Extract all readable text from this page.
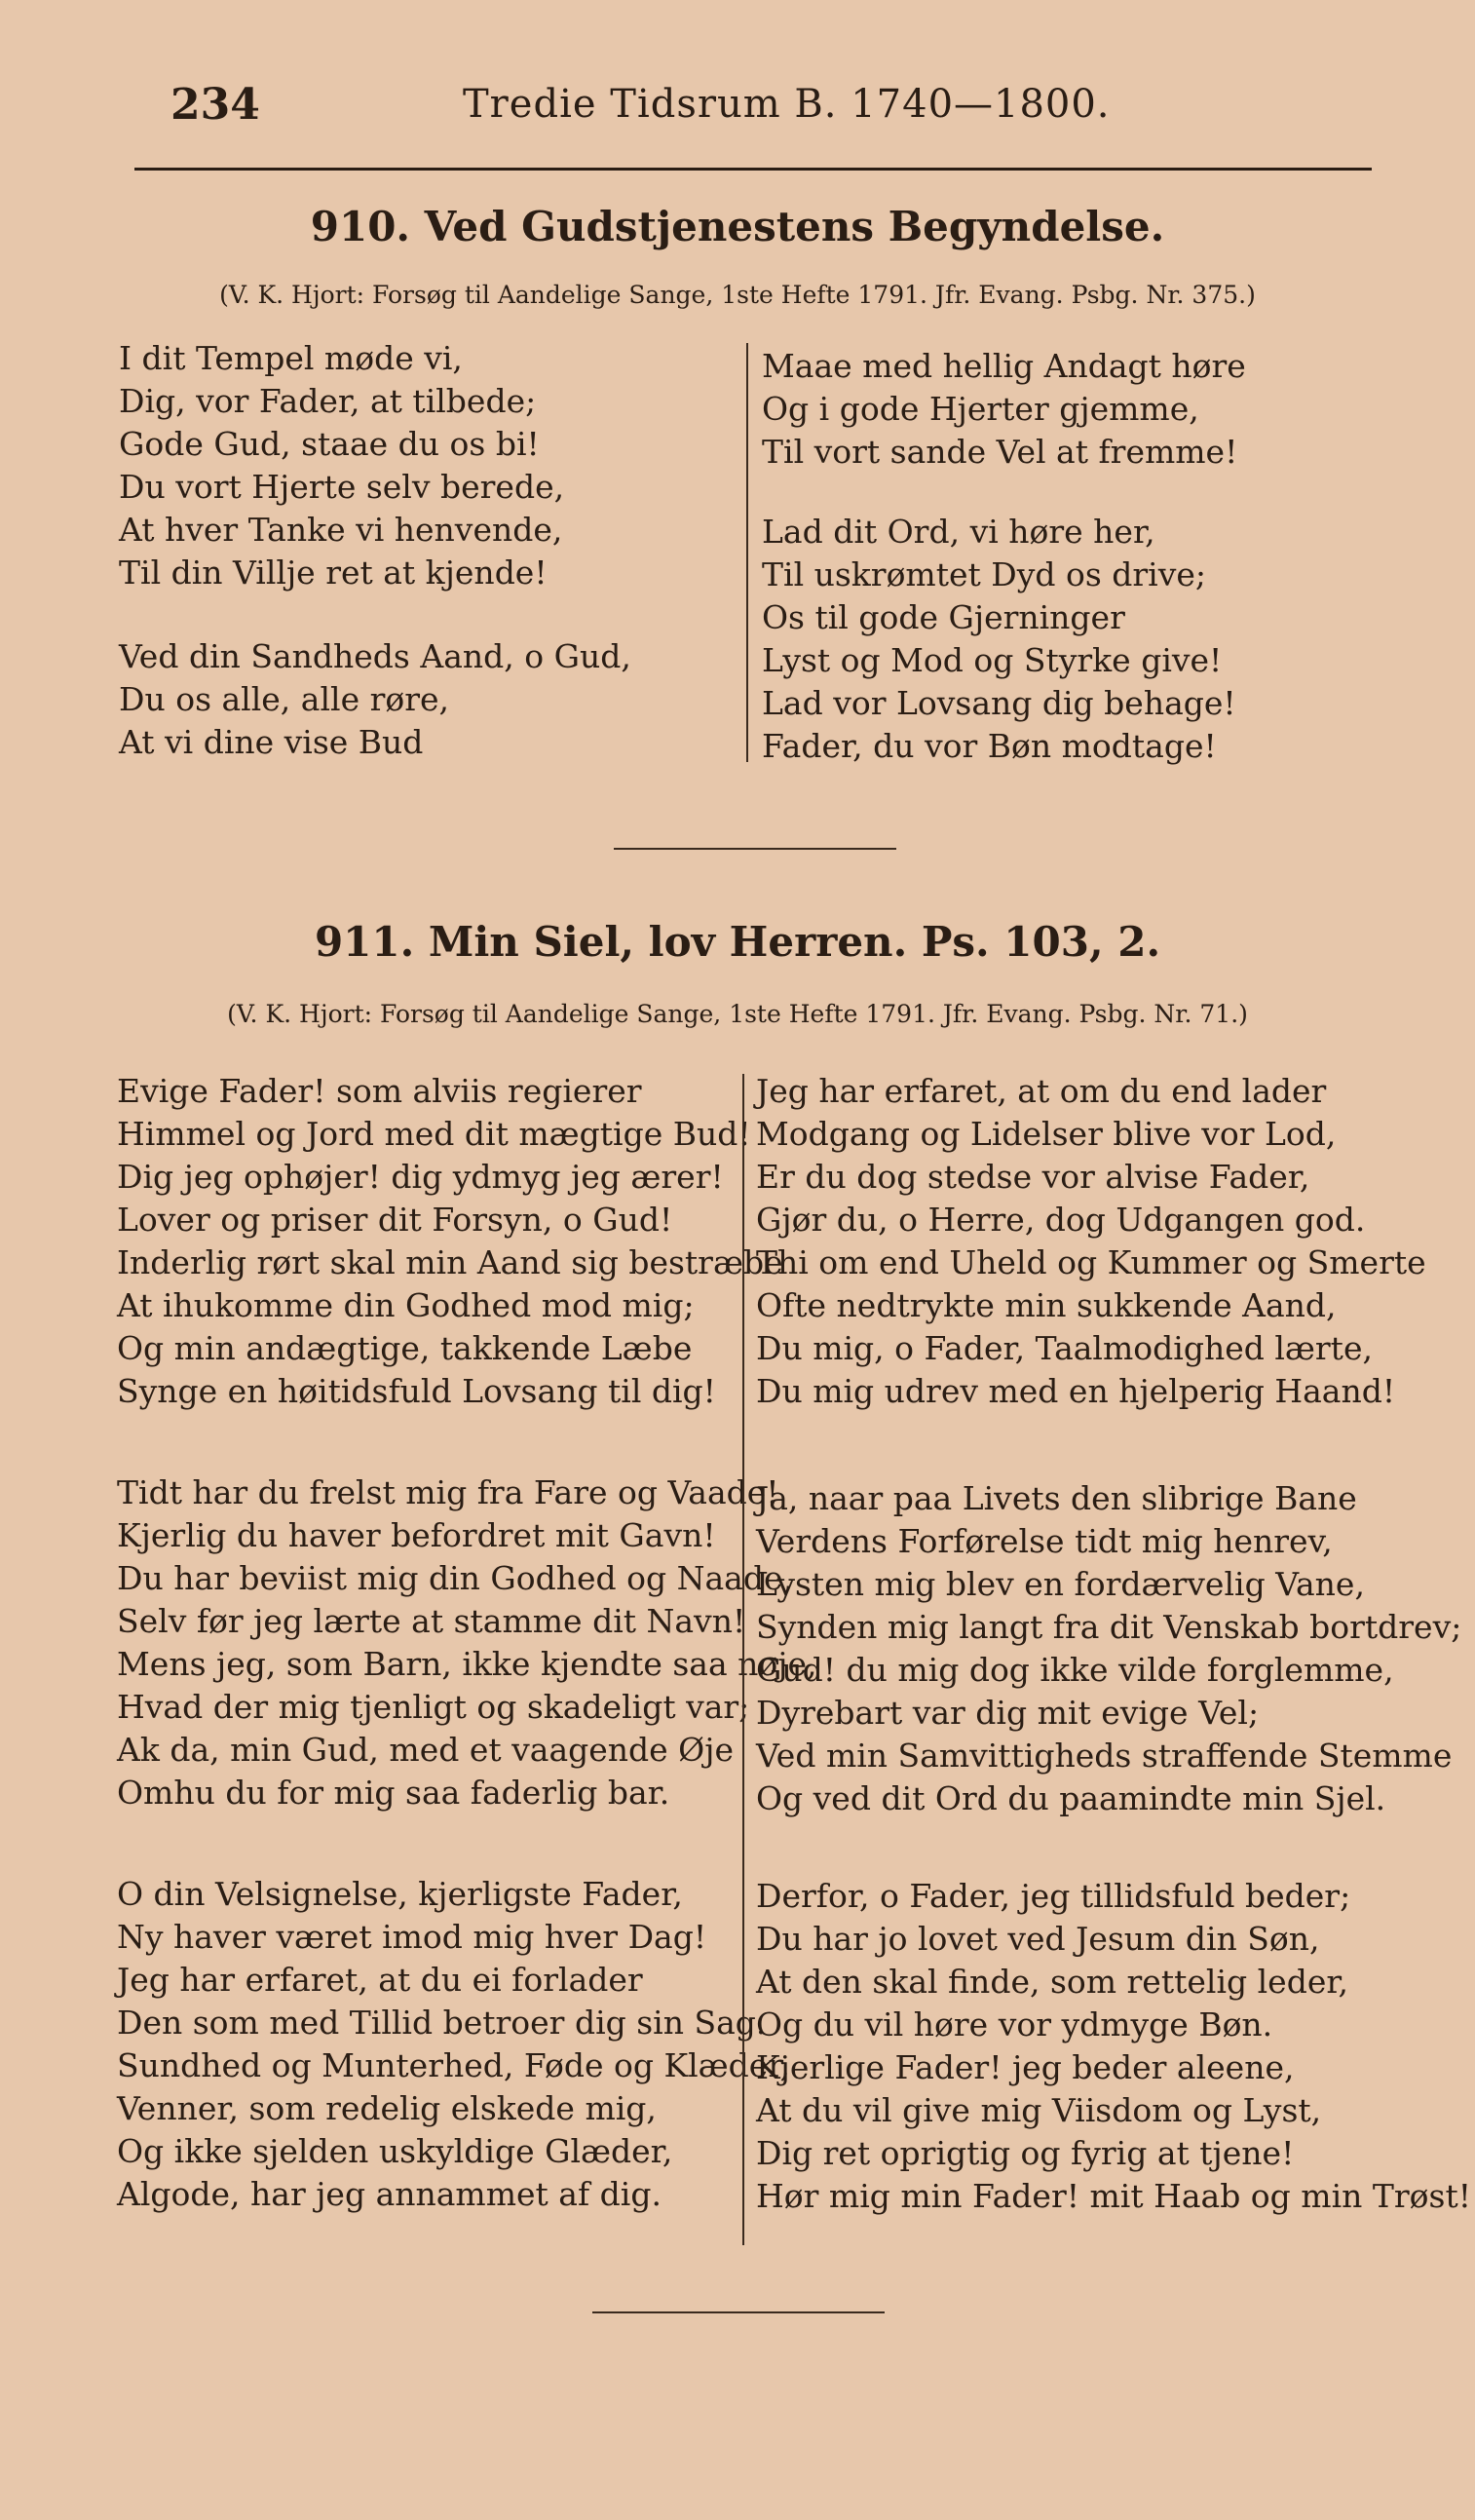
234	Tredie Tidsrum B. 1740—1800.
910. Ved Gudstjenestens Begyndelse.
(V. K. Hjort: Forsøg til Aandelige Sange, 1ste Hefte 1791. Jfr. Evang. Psbg. Nr. 375.)
I dit Tempel møde vi,
Dig, vor Fader, at tilbede;
Gode Gud, staae du os bi!
Du vort Hjerte selv berede,
At hver Tanke vi henvende,
Til din Villje ret at kjende!
Ved din Sandheds Aand, o Gud,
Du os alle, alle røre,
At vi dine vise Bud
Maae med hellig Andagt høre
Og i gode Hjerter gjemme,
Til vort sande Vel at fremme!
Lad dit Ord, vi høre her,
Til uskrømtet Dyd os drive;
Os til gode Gjerninger
Lyst og Mod og Styrke give!
Lad vor Lovsang dig behage!
Fader, du vor Bøn modtage!
911. Min Siel, lov Herren. Ps. 103, 2.
(V. K. Hjort: Forsøg til Aandelige Sange, 1ste Hefte 1791. Jfr. Evang. Psbg. Nr. 71.)
Evige Fader! som alviis regierer
Himmel og Jord med dit mægtige Bud!
Dig jeg ophøjer! dig ydmyg jeg ærer!
Lover og priser dit Forsyn, o Gud!
Inderlig rørt skal min Aand sig bestræbe
At ihukomme din Godhed mod mig;
Og min andægtige, takkende Læbe
Synge en høitidsfuld Lovsang til dig!
Tidt har du frelst mig fra Fare og Vaade!
Kjerlig du haver befordret mit Gavn!
Du har beviist mig din Godhed og Naade,
Selv før jeg lærte at stamme dit Navn!
Mens jeg, som Barn, ikke kjendte saa nøje,
Hvad der mig tjenligt og skadeligt var;
Ak da, min Gud, med et vaagende Øje
Omhu du for mig saa faderlig bar.
O din Velsignelse, kjerligste Fader,
Ny haver været imod mig hver Dag!
Jeg har erfaret, at du ei forlader
Den som med Tillid betroer dig sin Sag.
Sundhed og Munterhed, Føde og Klæder,
Venner, som redelig elskede mig,
Og ikke sjelden uskyldige Glæder,
Algode, har jeg annammet af dig.
Jeg har erfaret, at om du end lader
Modgang og Lidelser blive vor Lod,
Er du dog stedse vor alvise Fader,
Gjør du, o Herre, dog Udgangen god.
Thi om end Uheld og Kummer og Smerte
Ofte nedtrykte min sukkende Aand,
Du mig, o Fader, Taalmodighed lærte,
Du mig udrev med en hjelperig Haand!
Ja, naar paa Livets den slibrige Bane
Verdens Forførelse tidt mig henrev,
Lysten mig blev en fordærvelig Vane,
Synden mig langt fra dit Venskab bortdrev;
Gud! du mig dog ikke vilde forglemme,
Dyrebart var dig mit evige Vel;
Ved min Samvittigheds straffende Stemme
Og ved dit Ord du paamindte min Sjel.
Derfor, o Fader, jeg tillidsfuld beder;
Du har jo lovet ved Jesum din Søn,
At den skal finde, som rettelig leder,
Og du vil høre vor ydmyge Bøn.
Kjerlige Fader! jeg beder aleene,
At du vil give mig Viisdom og Lyst,
Dig ret oprigtig og fyrig at tjene!
Hør mig min Fader! mit Haab og min Trøst!
